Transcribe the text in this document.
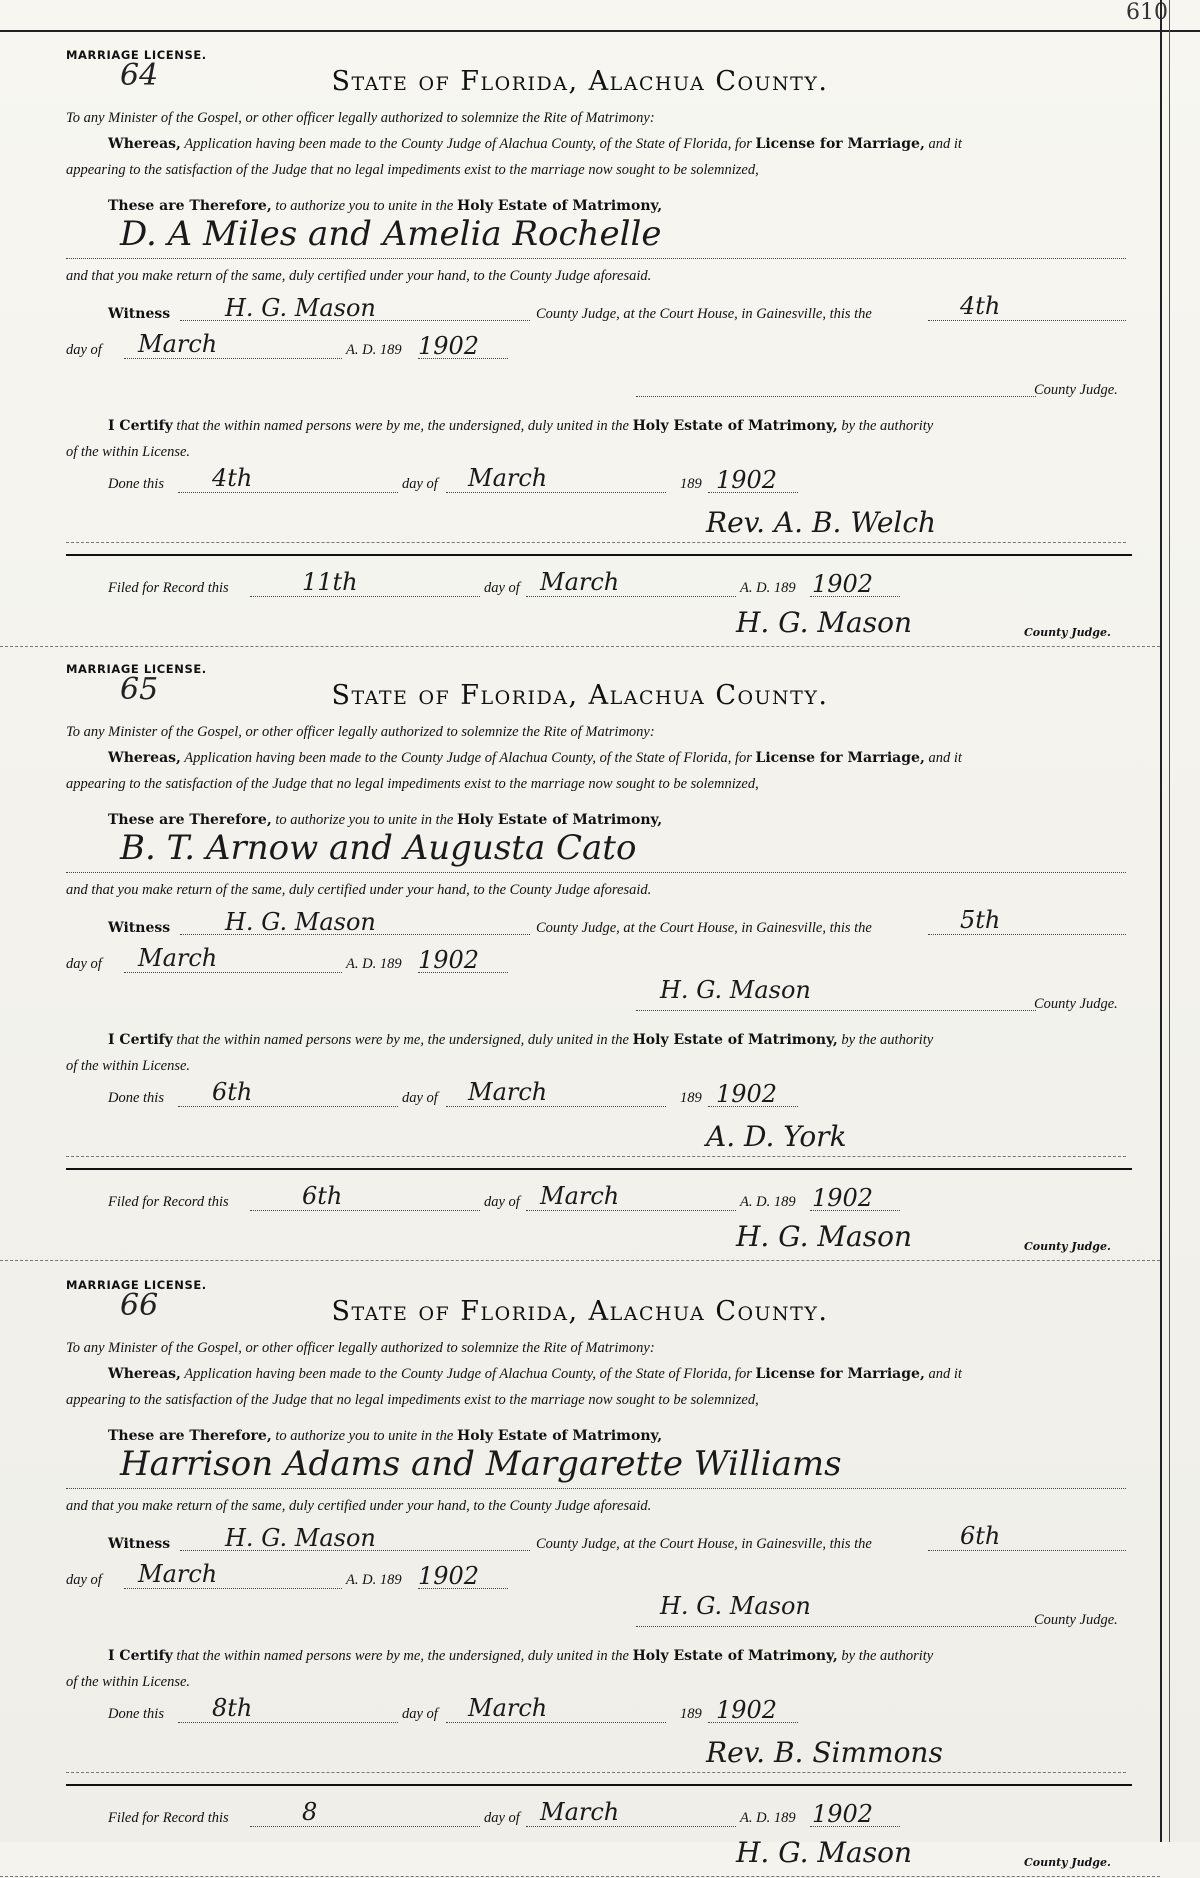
610
MARRIAGE LICENSE.
64	State of Florida, Alachua County.
To any Minister of the Gospel, or other officer legally authorized to solemnize the Rite of Matrimony:
Whereas, Application having been made to the County Judge of Alachua County, of the State of Florida, for License for Marriage, and it
appearing to the satisfaction of the Judge that no legal impediments exist to the marriage now sought to be solemnized,
These are Therefore, to authorize you to unite in the Holy Estate of Matrimony,
D. A Miles and Amelia Rochelle
and that you make return of the same, duly certified under your hand, to the County Judge aforesaid.
Witness H. G. Mason	County Judge, at the Court House, in Gainesville, this the	4th
day of March	A. D. 189 1902
County Judge.
I Certify that the within named persons were by me, the undersigned, duly united in the Holy Estate of Matrimony, by the authority
of the within License.
Done this 4th	day of March	189 1902
Rev. A. B. Welch
Filed for Record this	11th	day of March	A. D. 189 1902
H. G. Mason	County Judge.
MARRIAGE LICENSE.
65	State of Florida, Alachua County.
To any Minister of the Gospel, or other officer legally authorized to solemnize the Rite of Matrimony:
Whereas, Application having been made to the County Judge of Alachua County, of the State of Florida, for License for Marriage, and it
appearing to the satisfaction of the Judge that no legal impediments exist to the marriage now sought to be solemnized,
These are Therefore, to authorize you to unite in the Holy Estate of Matrimony,
B. T. Arnow and Augusta Cato
and that you make return of the same, duly certified under your hand, to the County Judge aforesaid.
Witness H. G. Mason	County Judge, at the Court House, in Gainesville, this the	5th
day of March	A. D. 189 1902
H. G. Mason	County Judge.
I Certify that the within named persons were by me, the undersigned, duly united in the Holy Estate of Matrimony, by the authority
of the within License.
Done this 6th	day of March	189 1902
A. D. York
Filed for Record this	6th	day of March	A. D. 189 1902
H. G. Mason	County Judge.
MARRIAGE LICENSE.
66	State of Florida, Alachua County.
To any Minister of the Gospel, or other officer legally authorized to solemnize the Rite of Matrimony:
Whereas, Application having been made to the County Judge of Alachua County, of the State of Florida, for License for Marriage, and it
appearing to the satisfaction of the Judge that no legal impediments exist to the marriage now sought to be solemnized,
These are Therefore, to authorize you to unite in the Holy Estate of Matrimony,
Harrison Adams and Margarette Williams
and that you make return of the same, duly certified under your hand, to the County Judge aforesaid.
Witness H. G. Mason	County Judge, at the Court House, in Gainesville, this the	6th
day of March	A. D. 189 1902
H. G. Mason	County Judge.
I Certify that the within named persons were by me, the undersigned, duly united in the Holy Estate of Matrimony, by the authority
of the within License.
Done this 8th	day of March	189 1902
Rev. B. Simmons
Filed for Record this	8	day of March	A. D. 189 1902
H. G. Mason	County Judge.
